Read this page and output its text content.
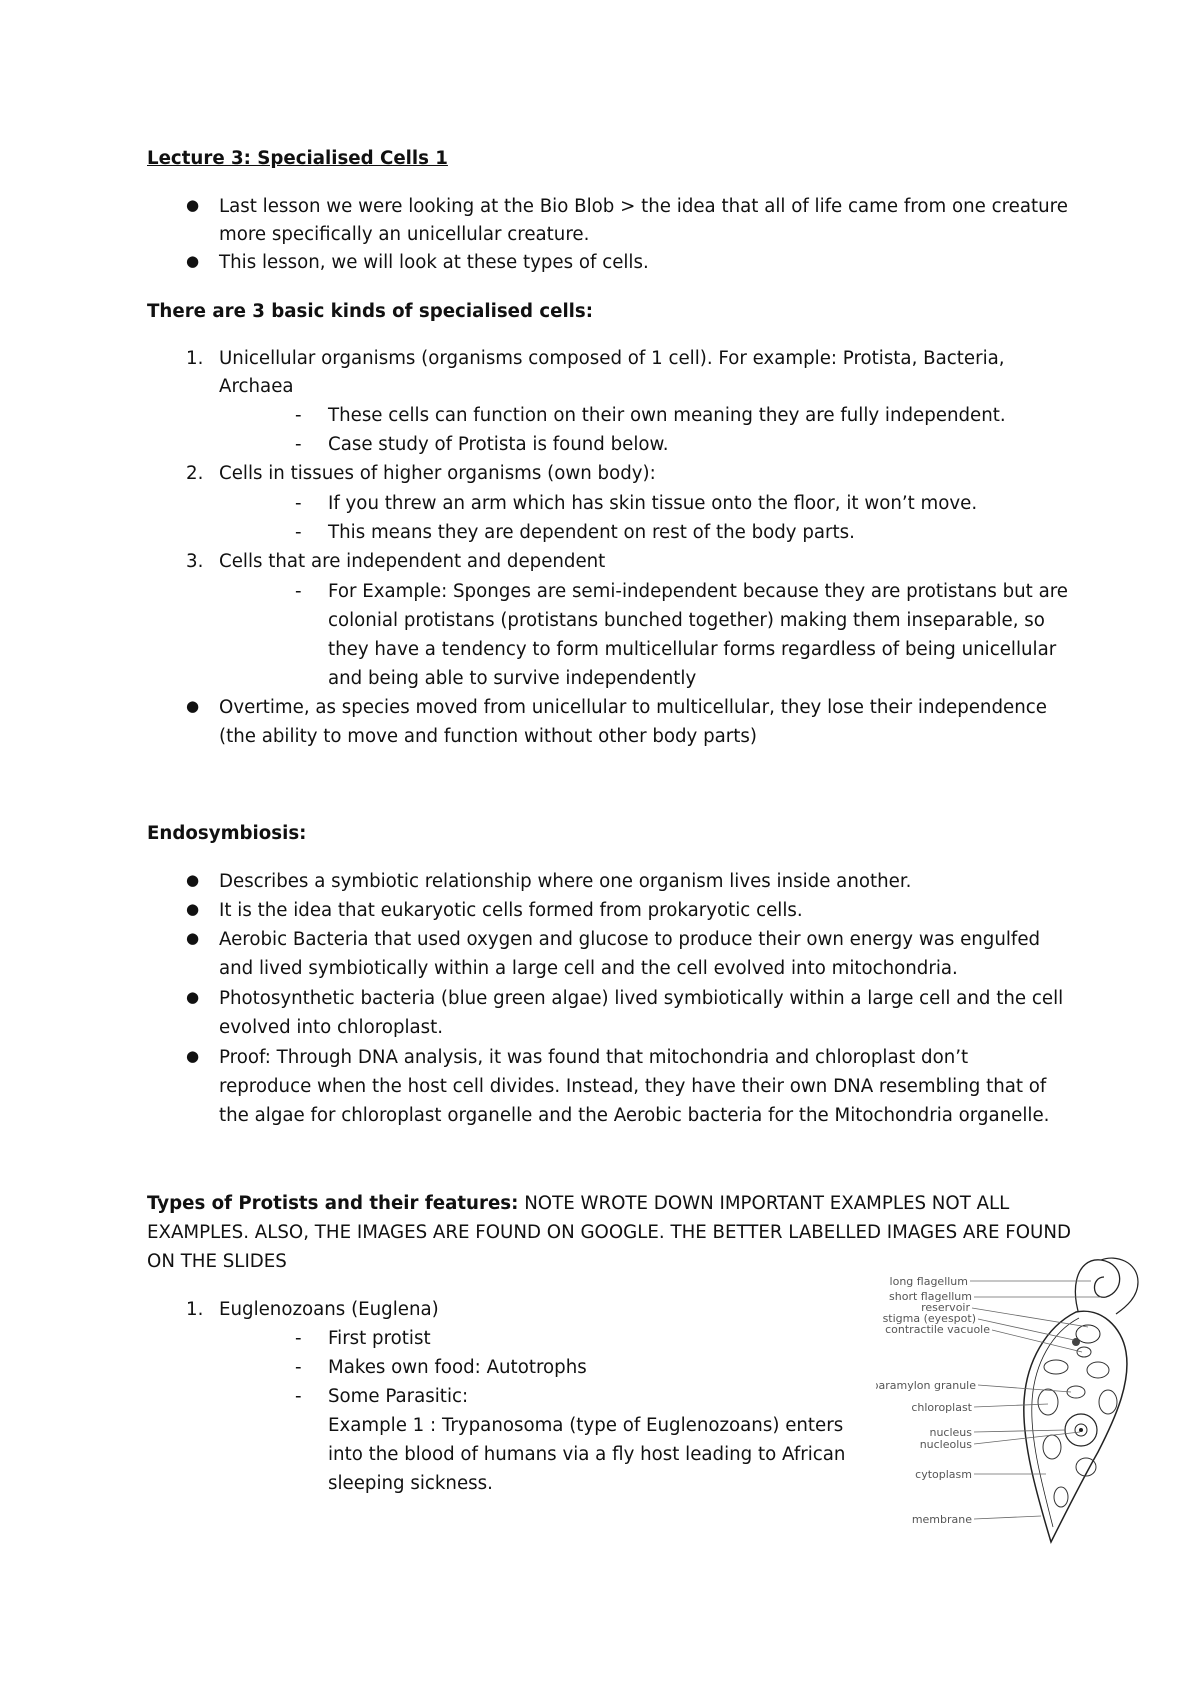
Lecture 3: Specialised Cells 1
● Last lesson we were looking at the Bio Blob > the idea that all of life came from one creature
more specifically an unicellular creature.
● This lesson, we will look at these types of cells.
There are 3 basic kinds of specialised cells:
1. Unicellular organisms (organisms composed of 1 cell). For example: Protista, Bacteria,
Archaea
- These cells can function on their own meaning they are fully independent.
- Case study of Protista is found below.
2. Cells in tissues of higher organisms (own body):
- If you threw an arm which has skin tissue onto the floor, it won’t move.
- This means they are dependent on rest of the body parts.
3. Cells that are independent and dependent
- For Example: Sponges are semi-independent because they are protistans but are
colonial protistans (protistans bunched together) making them inseparable, so
they have a tendency to form multicellular forms regardless of being unicellular
and being able to survive independently
● Overtime, as species moved from unicellular to multicellular, they lose their independence
(the ability to move and function without other body parts)
Endosymbiosis:
● Describes a symbiotic relationship where one organism lives inside another.
● It is the idea that eukaryotic cells formed from prokaryotic cells.
● Aerobic Bacteria that used oxygen and glucose to produce their own energy was engulfed
and lived symbiotically within a large cell and the cell evolved into mitochondria.
● Photosynthetic bacteria (blue green algae) lived symbiotically within a large cell and the cell
evolved into chloroplast.
● Proof: Through DNA analysis, it was found that mitochondria and chloroplast don’t
reproduce when the host cell divides. Instead, they have their own DNA resembling that of
the algae for chloroplast organelle and the Aerobic bacteria for the Mitochondria organelle.
Types of Protists and their features: NOTE WROTE DOWN IMPORTANT EXAMPLES NOT ALL
EXAMPLES. ALSO, THE IMAGES ARE FOUND ON GOOGLE. THE BETTER LABELLED IMAGES ARE FOUND
ON THE SLIDES
1. Euglenozoans (Euglena)
- First protist
- Makes own food: Autotrophs
- Some Parasitic:
Example 1 : Trypanosoma (type of Euglenozoans) enters
into the blood of humans via a fly host leading to African
sleeping sickness.
long flagellum
short flagellum
reservoir
stigma (eyespot)
contractile vacuole
paramylon granule
chloroplast
nucleus
nucleolus
cytoplasm
membrane
